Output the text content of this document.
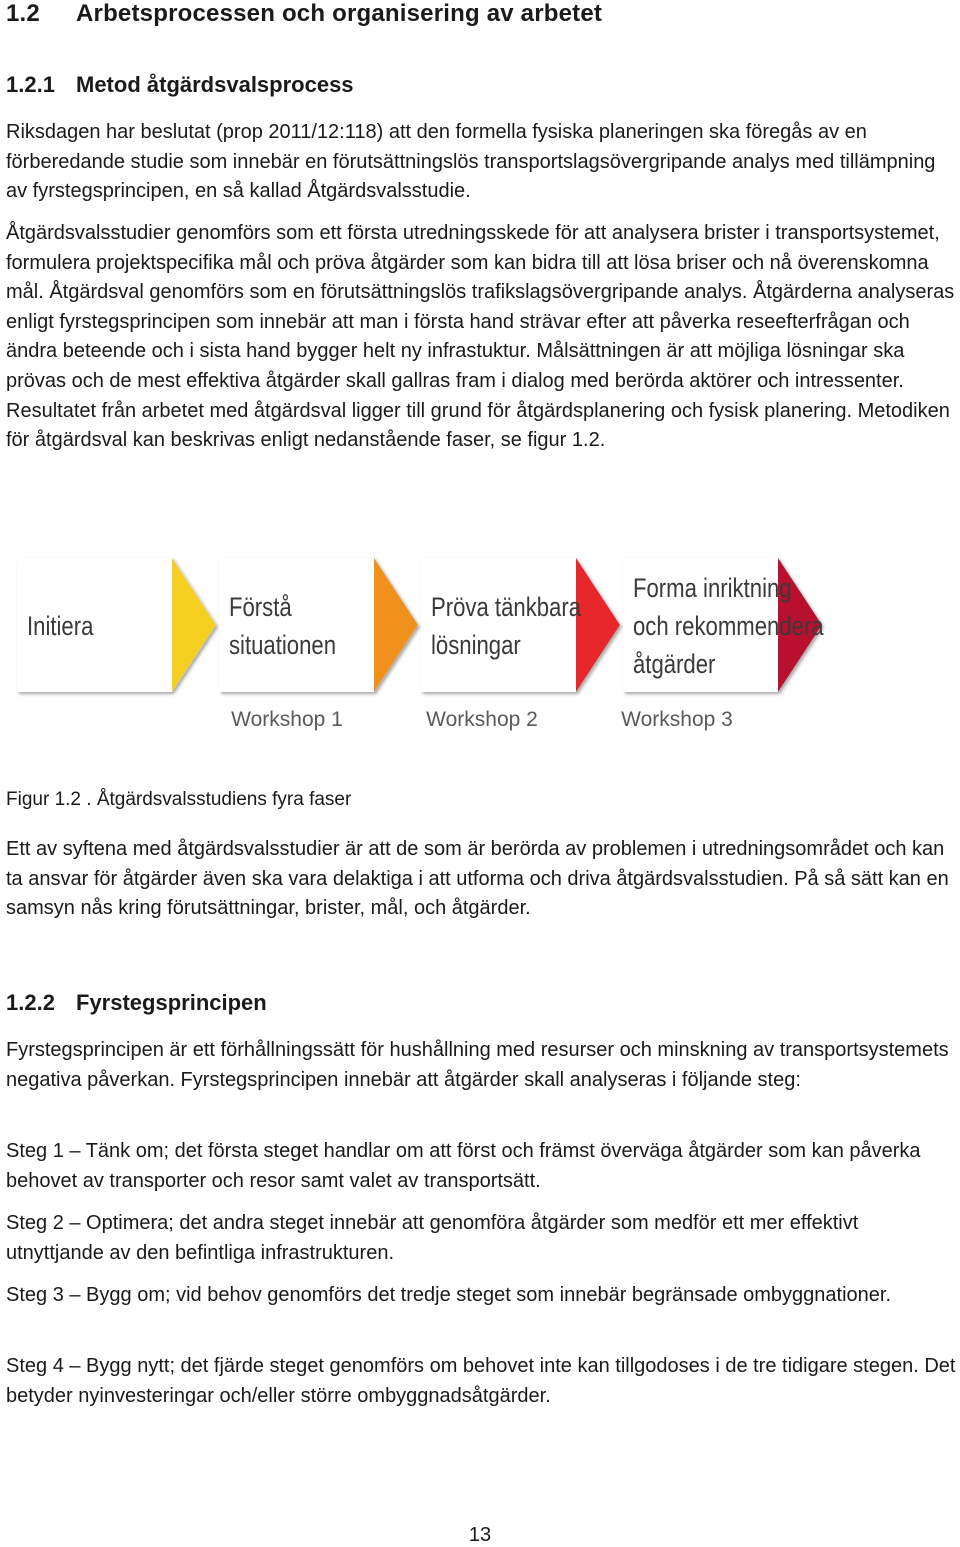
1.2 Arbetsprocessen och organisering av arbetet
1.2.1 Metod åtgärdsvalsprocess

Riksdagen har beslutat (prop 2011/12:118) att den formella fysiska planeringen ska föregås av en förberedande studie som innebär en förutsättningslös transportslagsövergripande analys med tillämpning av fyrstegsprincipen, en så kallad Åtgärdsvalsstudie.

Åtgärdsvalsstudier genomförs som ett första utredningsskede för att analysera brister i transportsystemet, formulera projektspecifika mål och pröva åtgärder som kan bidra till att lösa briser och nå överenskomna mål. Åtgärdsval genomförs som en förutsättningslös trafikslagsövergripande analys. Åtgärderna analyseras enligt fyrstegsprincipen som innebär att man i första hand strävar efter att påverka reseefterfrågan och ändra beteende och i sista hand bygger helt ny infrastuktur. Målsättningen är att möjliga lösningar ska prövas och de mest effektiva åtgärder skall gallras fram i dialog med berörda aktörer och intressenter. Resultatet från arbetet med åtgärdsval ligger till grund för åtgärdsplanering och fysisk planering. Metodiken för åtgärdsval kan beskrivas enligt nedanstående faser, se figur 1.2.

Initiera
Förstå
situationen
Pröva tänkbara
lösningar
Forma inriktning
och rekommendera
åtgärder
Workshop 1	Workshop 2	Workshop 3
Figur 1.2 . Åtgärdsvalsstudiens fyra faser

Ett av syftena med åtgärdsvalsstudier är att de som är berörda av problemen i utredningsområdet och kan ta ansvar för åtgärder även ska vara delaktiga i att utforma och driva åtgärdsvalsstudien. På så sätt kan en samsyn nås kring förutsättningar, brister, mål, och åtgärder.

1.2.2 Fyrstegsprincipen

Fyrstegsprincipen är ett förhållningssätt för hushållning med resurser och minskning av transportsystemets negativa påverkan. Fyrstegsprincipen innebär att åtgärder skall analyseras i följande steg:

Steg 1 – Tänk om; det första steget handlar om att först och främst överväga åtgärder som kan påverka behovet av transporter och resor samt valet av transportsätt.

Steg 2 – Optimera; det andra steget innebär att genomföra åtgärder som medför ett mer effektivt utnyttjande av den befintliga infrastrukturen.

Steg 3 – Bygg om; vid behov genomförs det tredje steget som innebär begränsade ombyggnationer.

Steg 4 – Bygg nytt; det fjärde steget genomförs om behovet inte kan tillgodoses i de tre tidigare stegen. Det betyder nyinvesteringar och/eller större ombyggnadsåtgärder.

13
